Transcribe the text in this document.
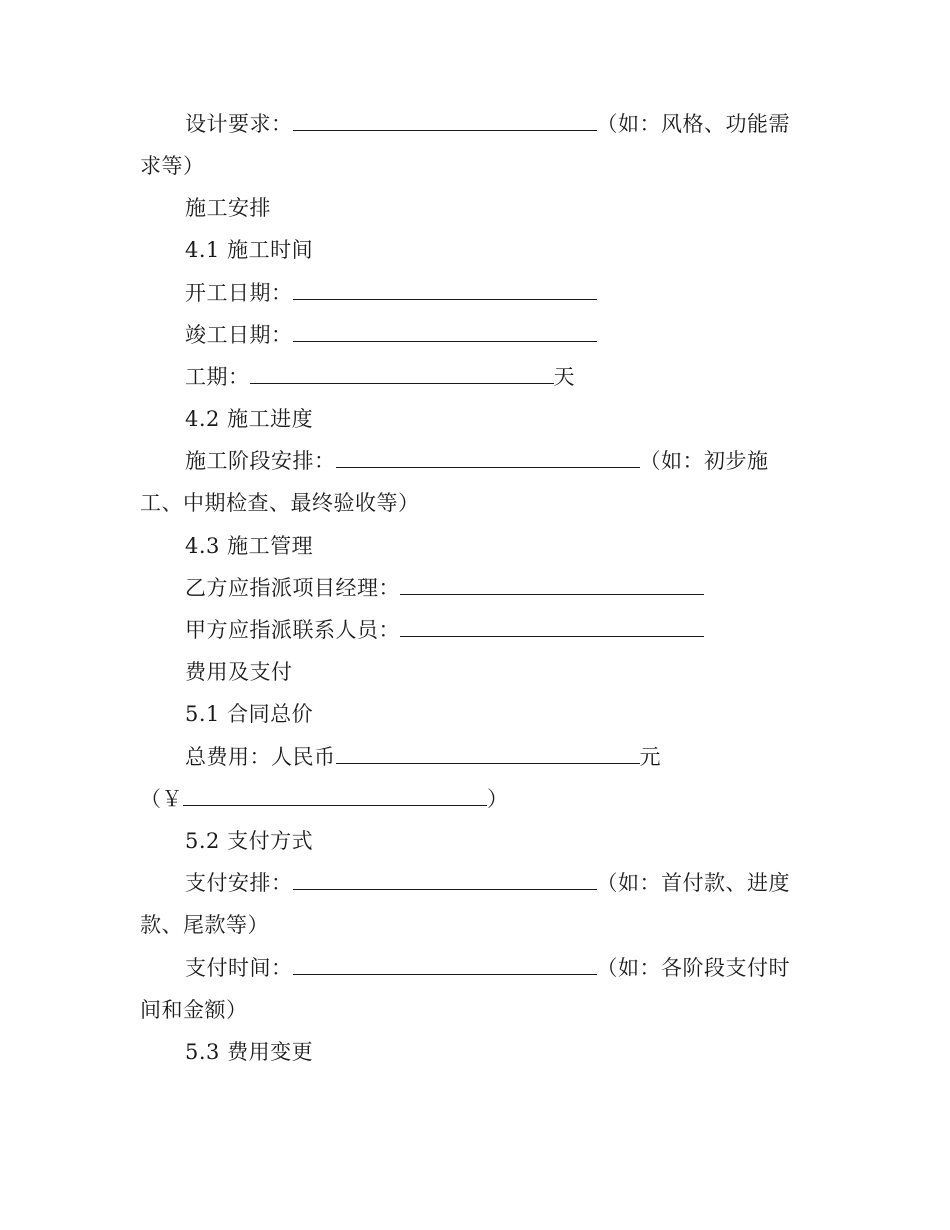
设计要求：	（如：风格、功能需
求等）
施工安排
4.1 施工时间
开工日期：
竣工日期：
工期：	天
4.2 施工进度
施工阶段安排：	（如：初步施
工、中期检查、最终验收等）
4.3 施工管理
乙方应指派项目经理：
甲方应指派联系人员：
费用及支付
5.1 合同总价
总费用：人民币	元
（￥	）
5.2 支付方式
支付安排：	（如：首付款、进度
款、尾款等）
支付时间：	（如：各阶段支付时
间和金额）
5.3 费用变更
